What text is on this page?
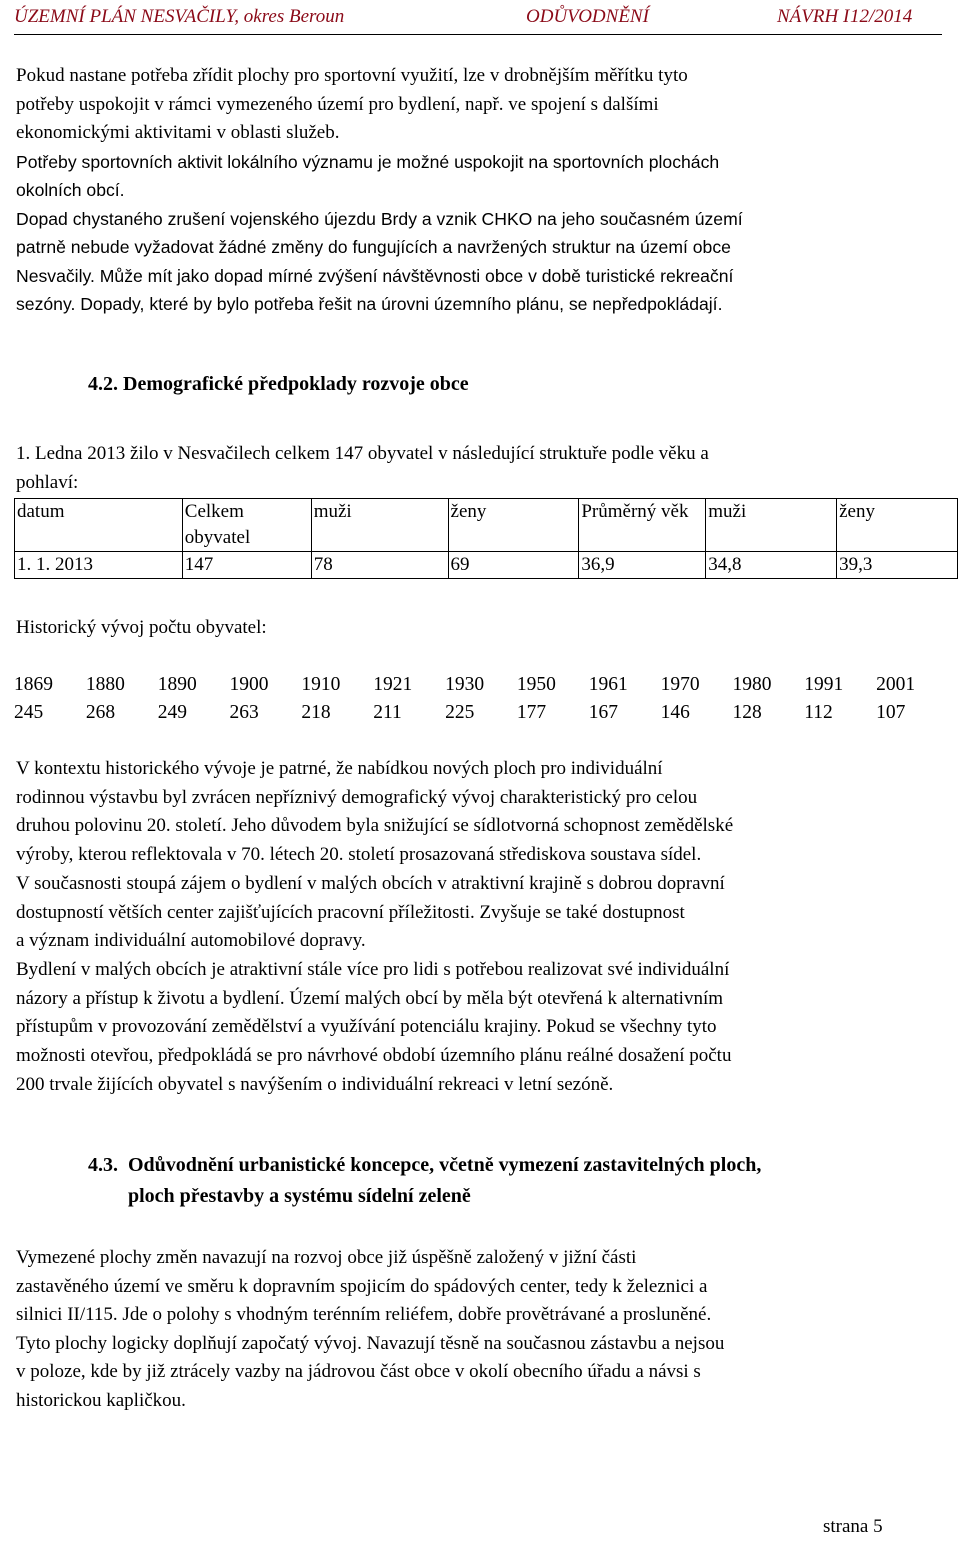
ÚZEMNÍ PLÁN NESVAČILY, okres Beroun	ODŮVODNĚNÍ	NÁVRH I 12/2014

Pokud nastane potřeba zřídit plochy pro sportovní využití, lze v drobnějším měřítku tyto

potřeby uspokojit v rámci vymezeného území pro bydlení, např. ve spojení s dalšími

ekonomickými aktivitami v oblasti služeb.

Potřeby sportovních aktivit lokálního významu je možné uspokojit na sportovních plochách

okolních obcí.

Dopad chystaného zrušení vojenského újezdu Brdy a vznik CHKO na jeho současném území

patrně nebude vyžadovat žádné změny do fungujících a navržených struktur na území obce

Nesvačily. Může mít jako dopad mírné zvýšení návštěvnosti obce v době turistické rekreační

sezóny. Dopady, které by bylo potřeba řešit na úrovni územního plánu, se nepředpokládají.

4.2. Demografické předpoklady rozvoje obce

1. Ledna 2013 žilo v Nesvačilech celkem 147 obyvatel v následující struktuře podle věku a

pohlaví:

datum	Celkem obyvatel	muži	ženy	Průměrný věk	muži	ženy
1. 1. 2013	147	78	69	36,9	34,8	39,3

Historický vývoj počtu obyvatel:

1869	1880	1890	1900	1910	1921	1930	1950	1961	1970	1980	1991	2001
245	268	249	263	218	211	225	177	167	146	128	112	107

V kontextu historického vývoje je patrné, že nabídkou nových ploch pro individuální

rodinnou výstavbu byl zvrácen nepříznivý demografický vývoj charakteristický pro celou

druhou polovinu 20. století. Jeho důvodem byla snižující se sídlotvorná schopnost zemědělské

výroby, kterou reflektovala v 70. létech 20. století prosazovaná střediskova soustava sídel.

V současnosti stoupá zájem o bydlení v malých obcích v atraktivní krajině s dobrou dopravní

dostupností větších center zajišťujících pracovní příležitosti. Zvyšuje se také dostupnost

a význam individuální automobilové dopravy.

Bydlení v malých obcích je atraktivní stále více pro lidi s potřebou realizovat své individuální

názory a přístup k životu a bydlení. Území malých obcí by měla být otevřená k alternativním

přístupům v provozování zemědělství a využívání potenciálu krajiny. Pokud se všechny tyto

možnosti otevřou, předpokládá se pro návrhové období územního plánu reálné dosažení počtu

200 trvale žijících obyvatel s navýšením o individuální rekreaci v letní sezóně.

4.3. Odůvodnění urbanistické koncepce, včetně vymezení zastavitelných ploch,
ploch přestavby a systému sídelní zeleně

Vymezené plochy změn navazují na rozvoj obce již úspěšně založený v jižní části

zastavěného území ve směru k dopravním spojicím do spádových center, tedy k železnici a

silnici II/115. Jde o polohy s vhodným terénním reliéfem, dobře provětrávané a prosluněné.

Tyto plochy logicky doplňují započatý vývoj. Navazují těsně na současnou zástavbu a nejsou

v poloze, kde by již ztrácely vazby na jádrovou část obce v okolí obecního úřadu a návsi s

historickou kapličkou.

strana 5
